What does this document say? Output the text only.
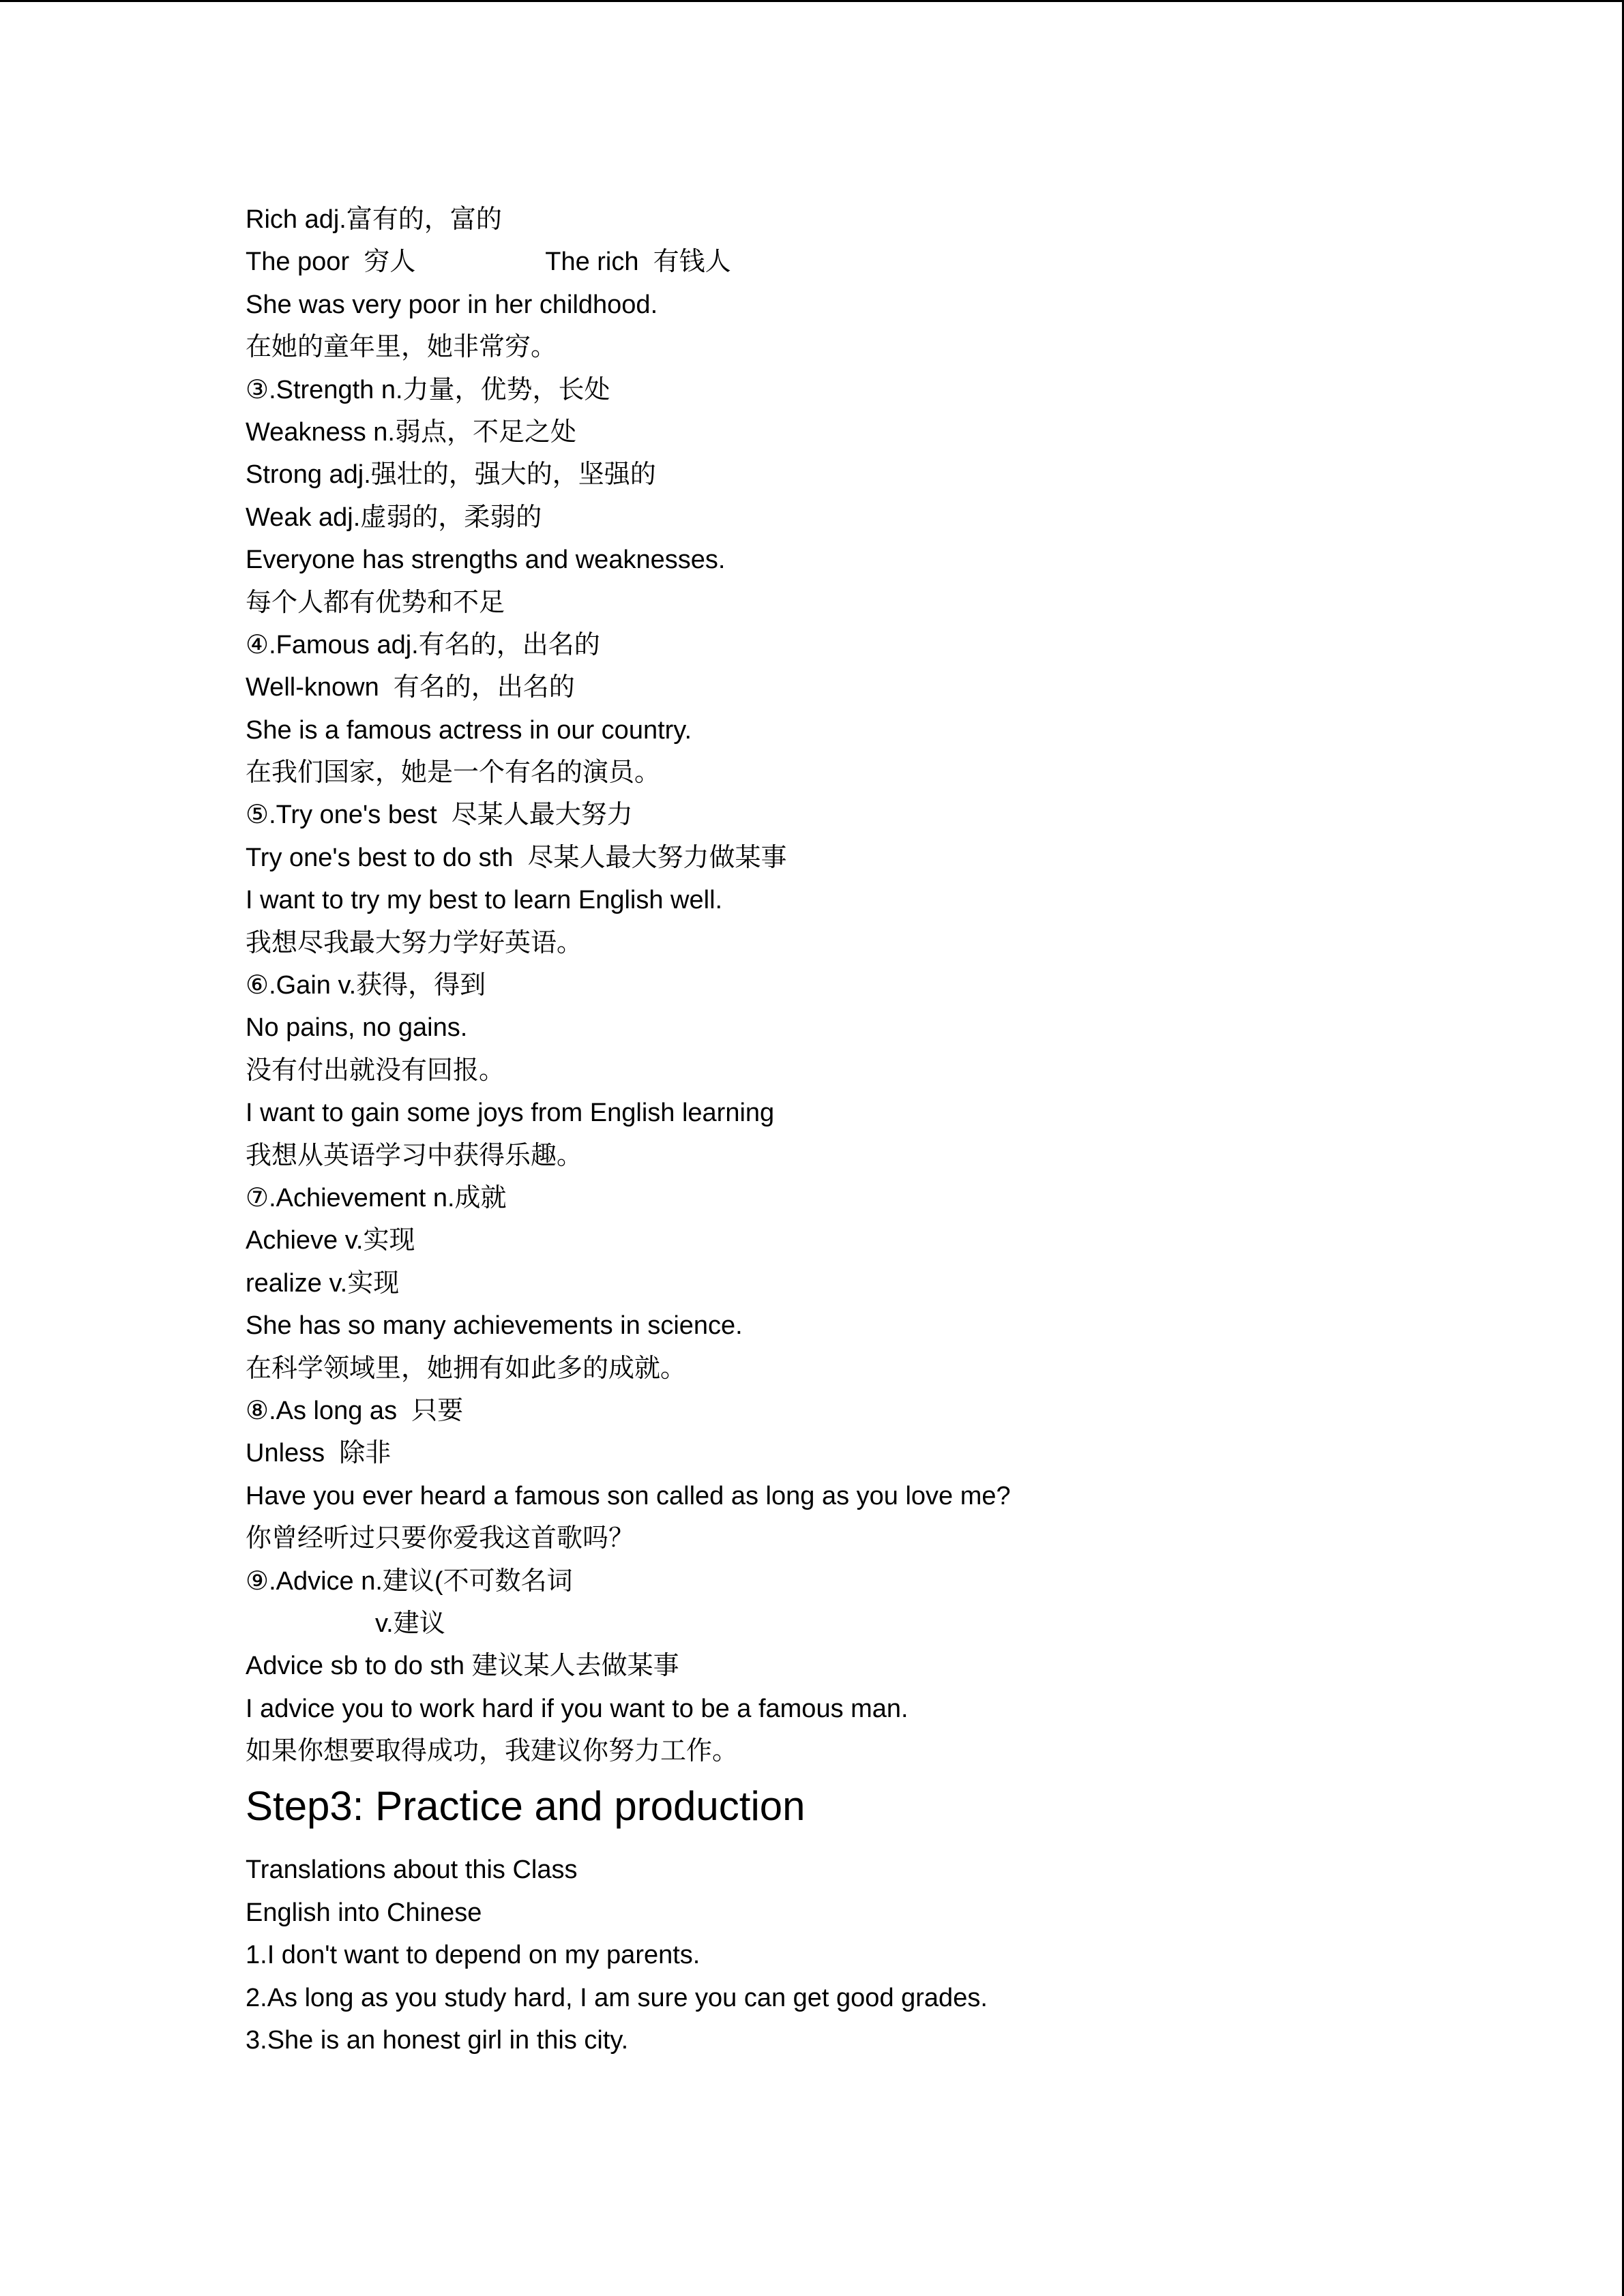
Rich adj.富有的，富的
The poor  穷人                  The rich  有钱人
She was very poor in her childhood.
在她的童年里，她非常穷。
③.Strength n.力量，优势，长处
Weakness n.弱点，不足之处
Strong adj.强壮的，强大的，坚强的
Weak adj.虚弱的，柔弱的
Everyone has strengths and weaknesses.
每个人都有优势和不足
④.Famous adj.有名的，出名的
Well-known  有名的，出名的
She is a famous actress in our country.
在我们国家，她是一个有名的演员。
⑤.Try one's best  尽某人最大努力
Try one's best to do sth  尽某人最大努力做某事
I want to try my best to learn English well.
我想尽我最大努力学好英语。
⑥.Gain v.获得，得到
No pains, no gains.
没有付出就没有回报。
I want to gain some joys from English learning
我想从英语学习中获得乐趣。
⑦.Achievement n.成就
Achieve v.实现
realize v.实现
She has so many achievements in science.
在科学领域里，她拥有如此多的成就。
⑧.As long as  只要
Unless  除非
Have you ever heard a famous son called as long as you love me?
你曾经听过只要你爱我这首歌吗？
⑨.Advice n.建议(不可数名词
v.建议
Advice sb to do sth 建议某人去做某事
I advice you to work hard if you want to be a famous man.
如果你想要取得成功，我建议你努力工作。
Step3: Practice and production
Translations about this Class
English into Chinese
1.I don't want to depend on my parents.
2.As long as you study hard, I am sure you can get good grades.
3.She is an honest girl in this city.
